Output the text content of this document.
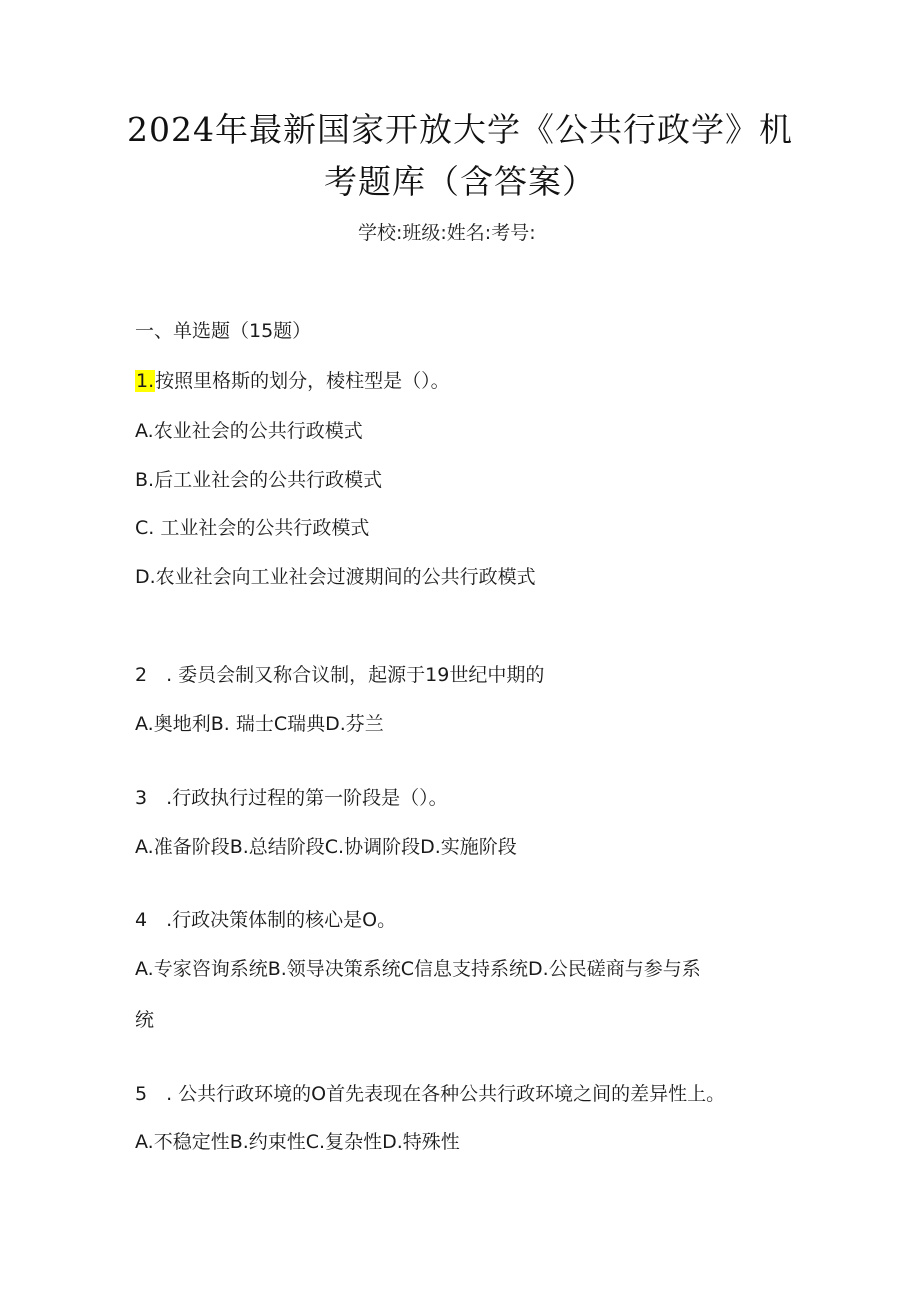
2024年最新国家开放大学《公共行政学》机
考题库（含答案）
学校:班级:姓名:考号:
一、单选题（15题）
1.按照里格斯的划分，棱柱型是（）。
A.农业社会的公共行政模式
B.后工业社会的公共行政模式
C. 工业社会的公共行政模式
D.农业社会向工业社会过渡期间的公共行政模式
2　. 委员会制又称合议制，起源于19世纪中期的
A.奥地利B. 瑞士C瑞典D.芬兰
3　.行政执行过程的第一阶段是（）。
A.准备阶段B.总结阶段C.协调阶段D.实施阶段
4　.行政决策体制的核心是O。
A.专家咨询系统B.领导决策系统C信息支持系统D.公民磋商与参与系
统
5　. 公共行政环境的O首先表现在各种公共行政环境之间的差异性上。
A.不稳定性B.约束性C.复杂性D.特殊性
